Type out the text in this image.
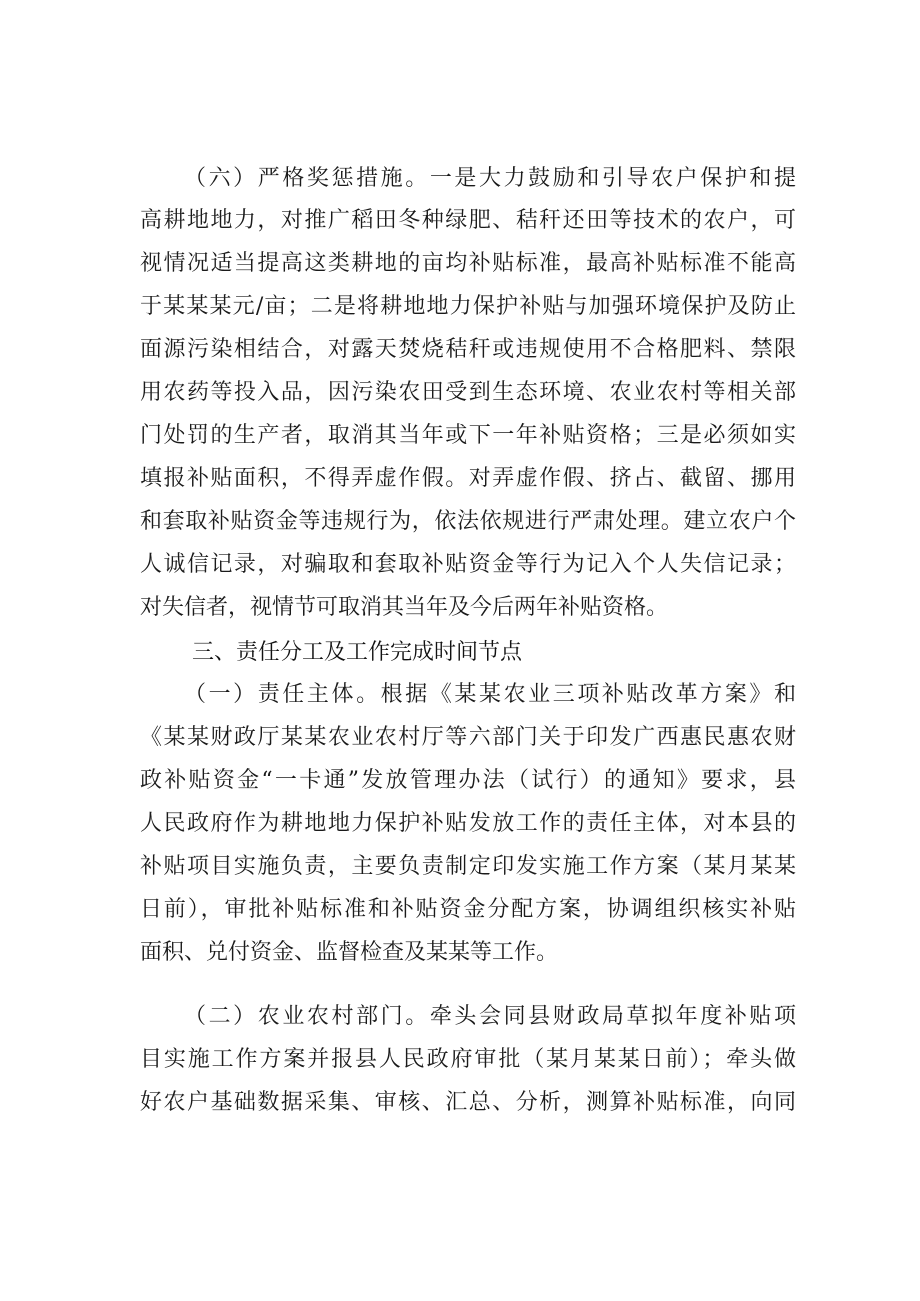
（六）严格奖惩措施。一是大力鼓励和引导农户保护和提
高耕地地力，对推广稻田冬种绿肥、秸秆还田等技术的农户，可
视情况适当提高这类耕地的亩均补贴标准，最高补贴标准不能高
于某某某元/亩；二是将耕地地力保护补贴与加强环境保护及防止
面源污染相结合，对露天焚烧秸秆或违规使用不合格肥料、禁限
用农药等投入品，因污染农田受到生态环境、农业农村等相关部
门处罚的生产者，取消其当年或下一年补贴资格；三是必须如实
填报补贴面积，不得弄虚作假。对弄虚作假、挤占、截留、挪用
和套取补贴资金等违规行为，依法依规进行严肃处理。建立农户个
人诚信记录，对骗取和套取补贴资金等行为记入个人失信记录；
对失信者，视情节可取消其当年及今后两年补贴资格。
三、责任分工及工作完成时间节点
（一）责任主体。根据《某某农业三项补贴改革方案》和
《某某财政厅某某农业农村厅等六部门关于印发广西惠民惠农财
政补贴资金“一卡通”发放管理办法（试行）的通知》要求，县
人民政府作为耕地地力保护补贴发放工作的责任主体，对本县的
补贴项目实施负责，主要负责制定印发实施工作方案（某月某某
日前），审批补贴标准和补贴资金分配方案，协调组织核实补贴
面积、兑付资金、监督检查及某某等工作。
（二）农业农村部门。牵头会同县财政局草拟年度补贴项
目实施工作方案并报县人民政府审批（某月某某日前）；牵头做
好农户基础数据采集、审核、汇总、分析，测算补贴标准，向同
